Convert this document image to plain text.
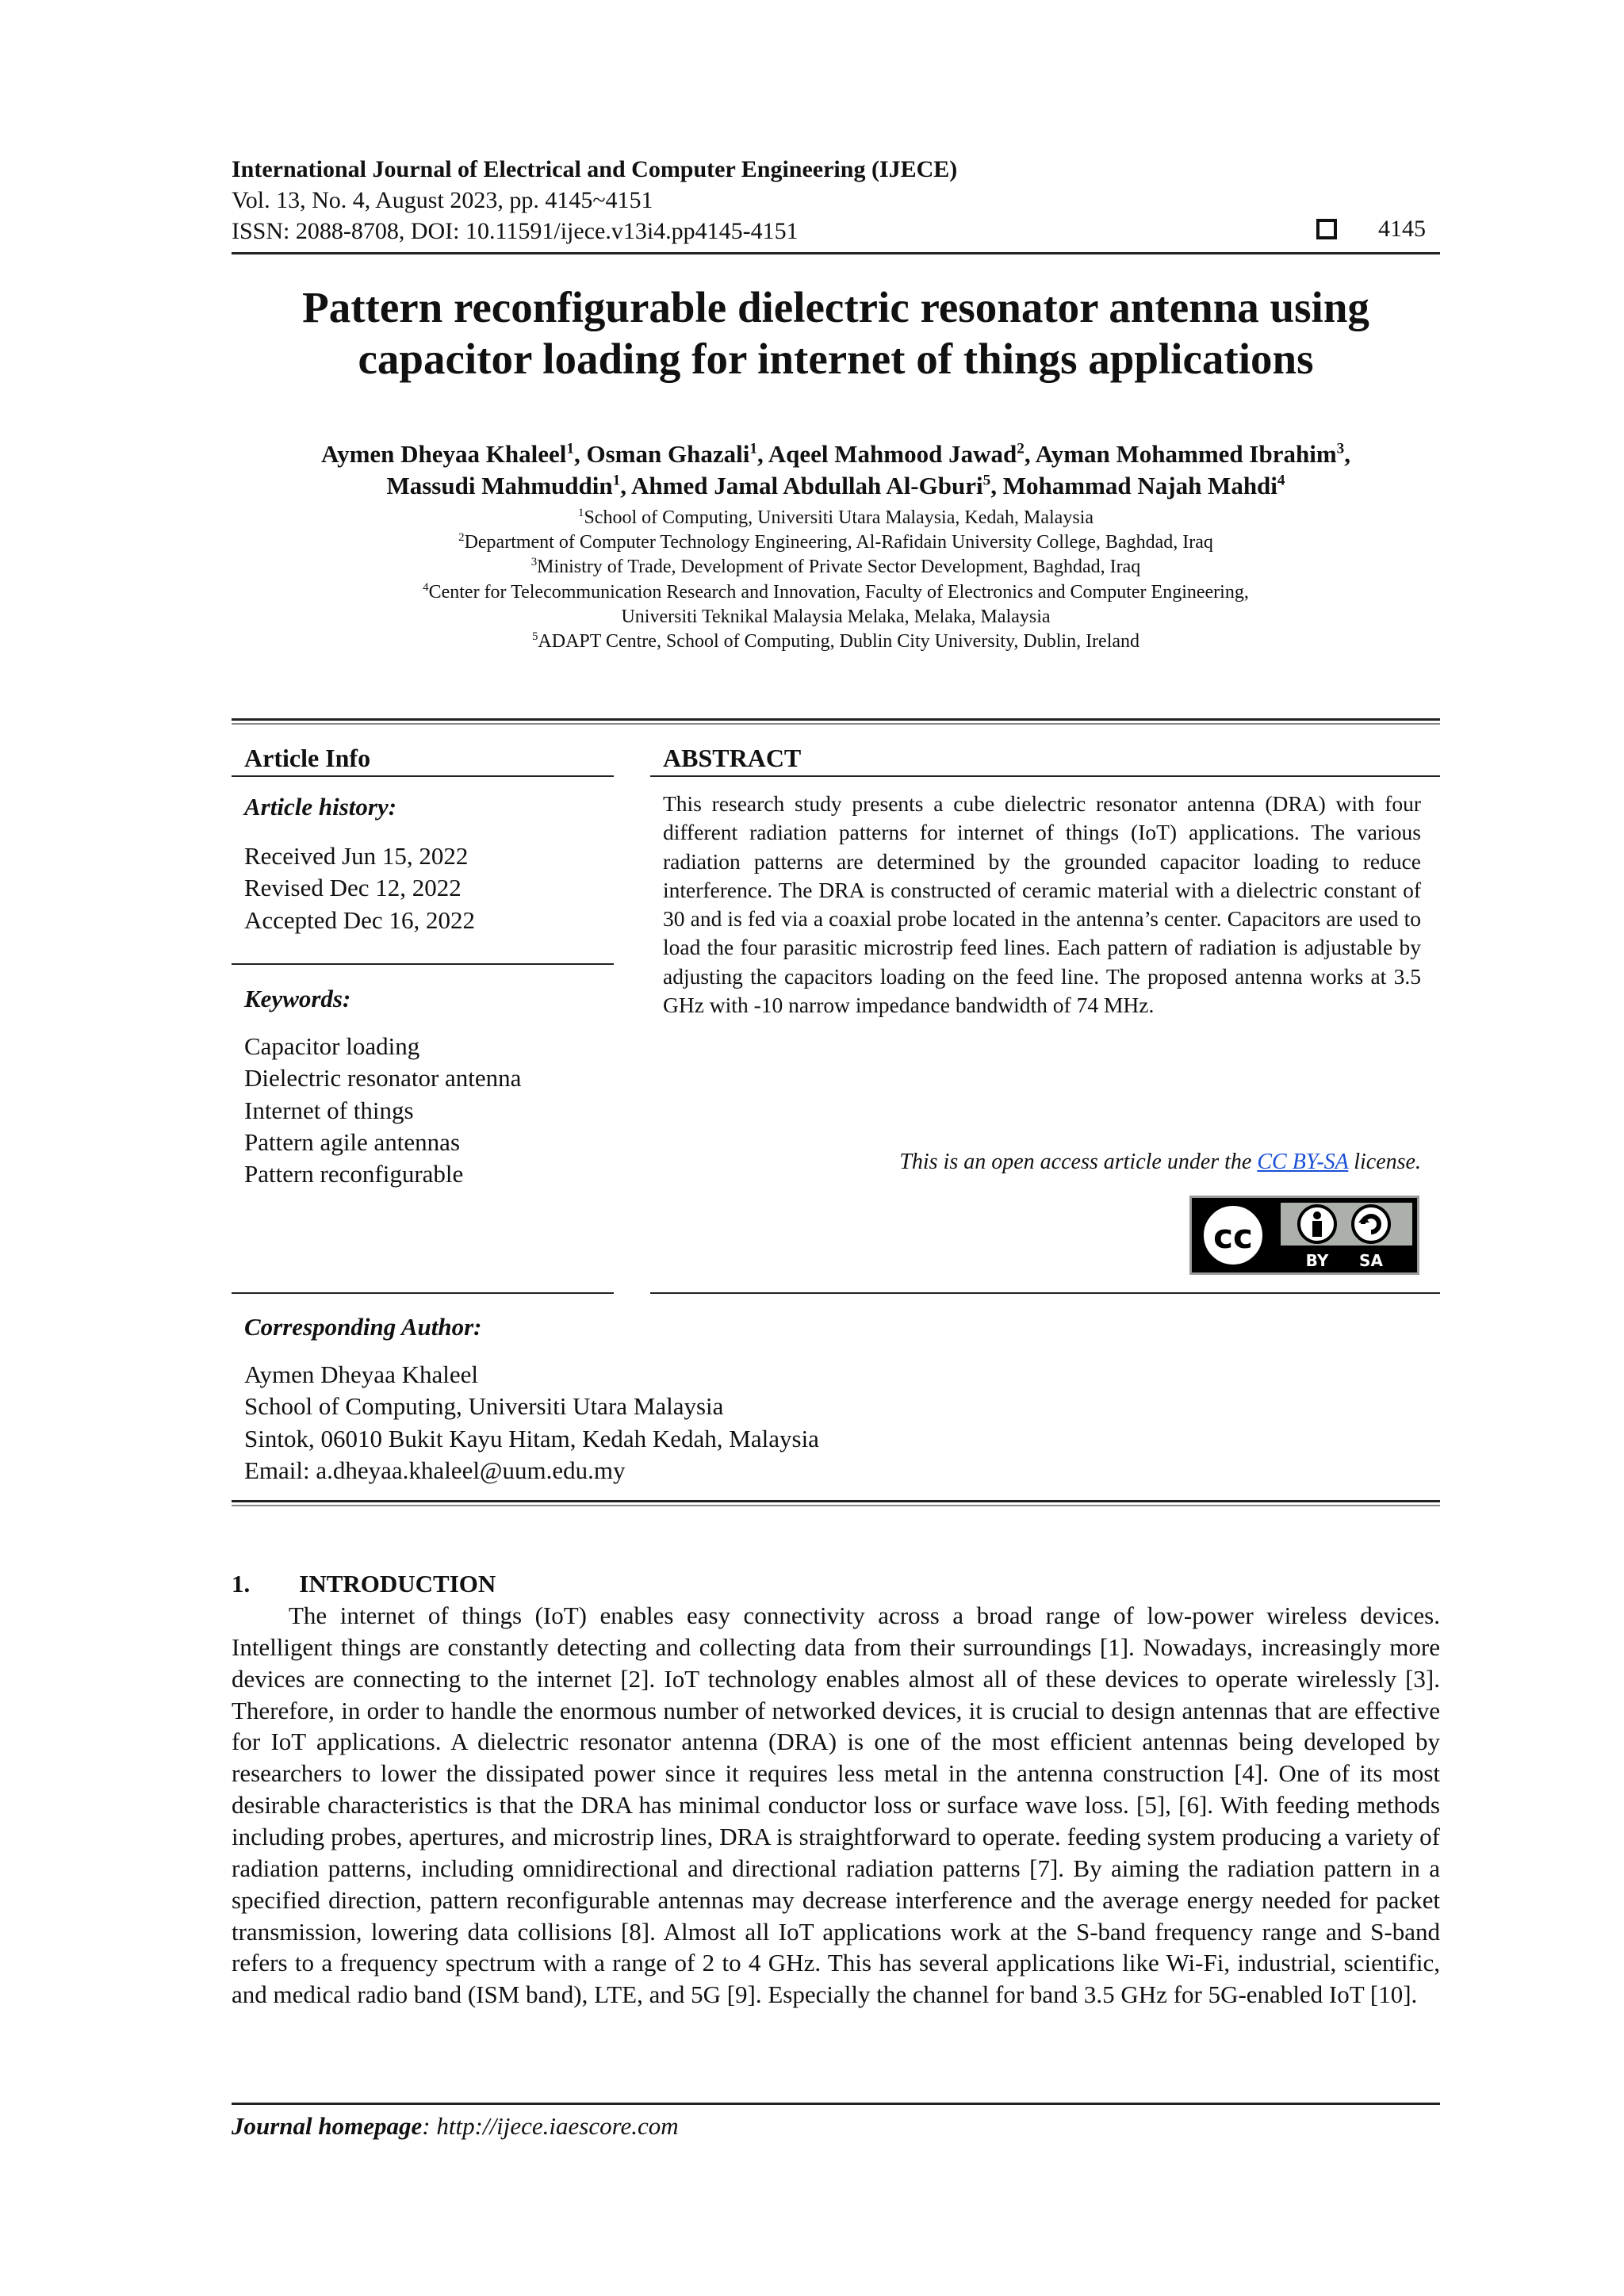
International Journal of Electrical and Computer Engineering (IJECE)
Vol. 13, No. 4, August 2023, pp. 4145~4151
ISSN: 2088-8708, DOI: 10.11591/ijece.v13i4.pp4145-4151	4145
Pattern reconfigurable dielectric resonator antenna using
capacitor loading for internet of things applications
Aymen Dheyaa Khaleel$^1$, Osman Ghazali$^1$, Aqeel Mahmood Jawad$^2$, Ayman Mohammed Ibrahim$^3$,
Massudi Mahmuddin$^1$, Ahmed Jamal Abdullah Al-Gburi$^5$, Mohammad Najah Mahdi$^4$
$^1$School of Computing, Universiti Utara Malaysia, Kedah, Malaysia
$^2$Department of Computer Technology Engineering, Al-Rafidain University College, Baghdad, Iraq
$^3$Ministry of Trade, Development of Private Sector Development, Baghdad, Iraq
$^4$Center for Telecommunication Research and Innovation, Faculty of Electronics and Computer Engineering,
Universiti Teknikal Malaysia Melaka, Melaka, Malaysia
$^5$ADAPT Centre, School of Computing, Dublin City University, Dublin, Ireland
Article Info
Article history:
Received Jun 15, 2022
Revised Dec 12, 2022
Accepted Dec 16, 2022
Keywords:
Capacitor loading
Dielectric resonator antenna
Internet of things
Pattern agile antennas
Pattern reconfigurable
ABSTRACT
This research study presents a cube dielectric resonator antenna (DRA) with four different radiation patterns for internet of things (IoT) applications. The various radiation patterns are determined by the grounded capacitor loading to reduce interference. The DRA is constructed of ceramic material with a dielectric constant of 30 and is fed via a coaxial probe located in the antenna’s center. Capacitors are used to load the four parasitic microstrip feed lines. Each pattern of radiation is adjustable by adjusting the capacitors loading on the feed line. The proposed antenna works at 3.5 GHz with -10 narrow impedance bandwidth of 74 MHz.
This is an open access article under the CC BY-SA license.
cc
BY SA
Corresponding Author:
Aymen Dheyaa Khaleel
School of Computing, Universiti Utara Malaysia
Sintok, 06010 Bukit Kayu Hitam, Kedah Kedah, Malaysia
Email: a.dheyaa.khaleel@uum.edu.my
1.  INTRODUCTION

The internet of things (IoT) enables easy connectivity across a broad range of low-power wireless devices. Intelligent things are constantly detecting and collecting data from their surroundings [1]. Nowadays, increasingly more devices are connecting to the internet [2]. IoT technology enables almost all of these devices to operate wirelessly [3]. Therefore, in order to handle the enormous number of networked devices, it is crucial to design antennas that are effective for IoT applications. A dielectric resonator antenna (DRA) is one of the most efficient antennas being developed by researchers to lower the dissipated power since it requires less metal in the antenna construction [4]. One of its most desirable characteristics is that the DRA has minimal conductor loss or surface wave loss. [5], [6]. With feeding methods including probes, apertures, and microstrip lines, DRA is straightforward to operate. feeding system producing a variety of radiation patterns, including omnidirectional and directional radiation patterns [7]. By aiming the radiation pattern in a specified direction, pattern reconfigurable antennas may decrease interference and the average energy needed for packet transmission, lowering data collisions [8]. Almost all IoT applications work at the S-band frequency range and S-band refers to a frequency spectrum with a range of 2 to 4 GHz. This has several applications like Wi-Fi, industrial, scientific, and medical radio band (ISM band), LTE, and 5G [9]. Especially the channel for band 3.5 GHz for 5G-enabled IoT [10].

Journal homepage: http://ijece.iaescore.com
